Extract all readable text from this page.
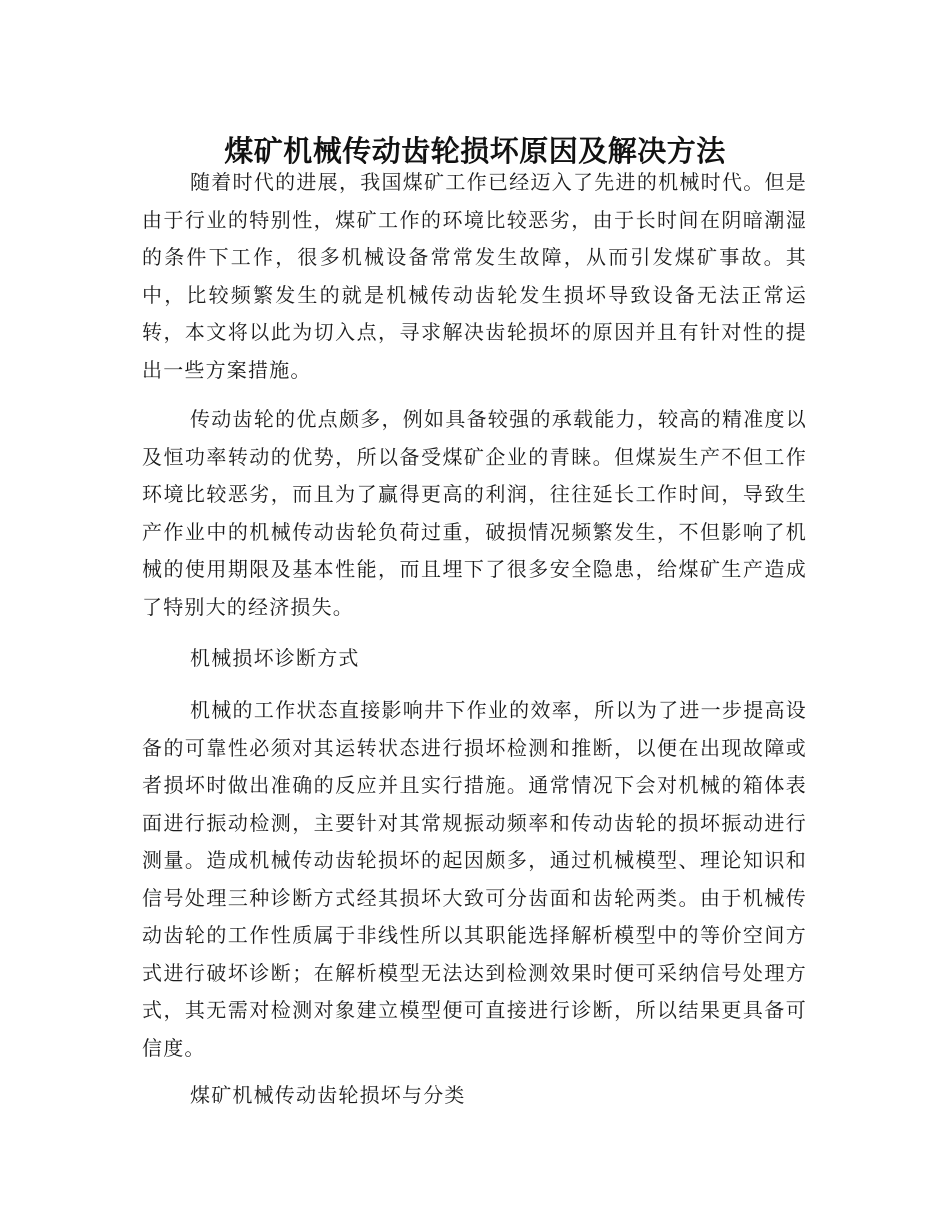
煤矿机械传动齿轮损坏原因及解决方法

随着时代的进展，我国煤矿工作已经迈入了先进的机械时代。但是由于行业的特别性，煤矿工作的环境比较恶劣，由于长时间在阴暗潮湿的条件下工作，很多机械设备常常发生故障，从而引发煤矿事故。其中，比较频繁发生的就是机械传动齿轮发生损坏导致设备无法正常运转，本文将以此为切入点，寻求解决齿轮损坏的原因并且有针对性的提出一些方案措施。

传动齿轮的优点颇多，例如具备较强的承载能力，较高的精准度以及恒功率转动的优势，所以备受煤矿企业的青睐。但煤炭生产不但工作环境比较恶劣，而且为了赢得更高的利润，往往延长工作时间，导致生产作业中的机械传动齿轮负荷过重，破损情况频繁发生，不但影响了机械的使用期限及基本性能，而且埋下了很多安全隐患，给煤矿生产造成了特别大的经济损失。

机械损坏诊断方式

机械的工作状态直接影响井下作业的效率，所以为了进一步提高设备的可靠性必须对其运转状态进行损坏检测和推断，以便在出现故障或者损坏时做出准确的反应并且实行措施。通常情况下会对机械的箱体表面进行振动检测，主要针对其常规振动频率和传动齿轮的损坏振动进行测量。造成机械传动齿轮损坏的起因颇多，通过机械模型、理论知识和信号处理三种诊断方式经其损坏大致可分齿面和齿轮两类。由于机械传动齿轮的工作性质属于非线性所以其职能选择解析模型中的等价空间方式进行破坏诊断；在解析模型无法达到检测效果时便可采纳信号处理方式，其无需对检测对象建立模型便可直接进行诊断，所以结果更具备可信度。

煤矿机械传动齿轮损坏与分类
